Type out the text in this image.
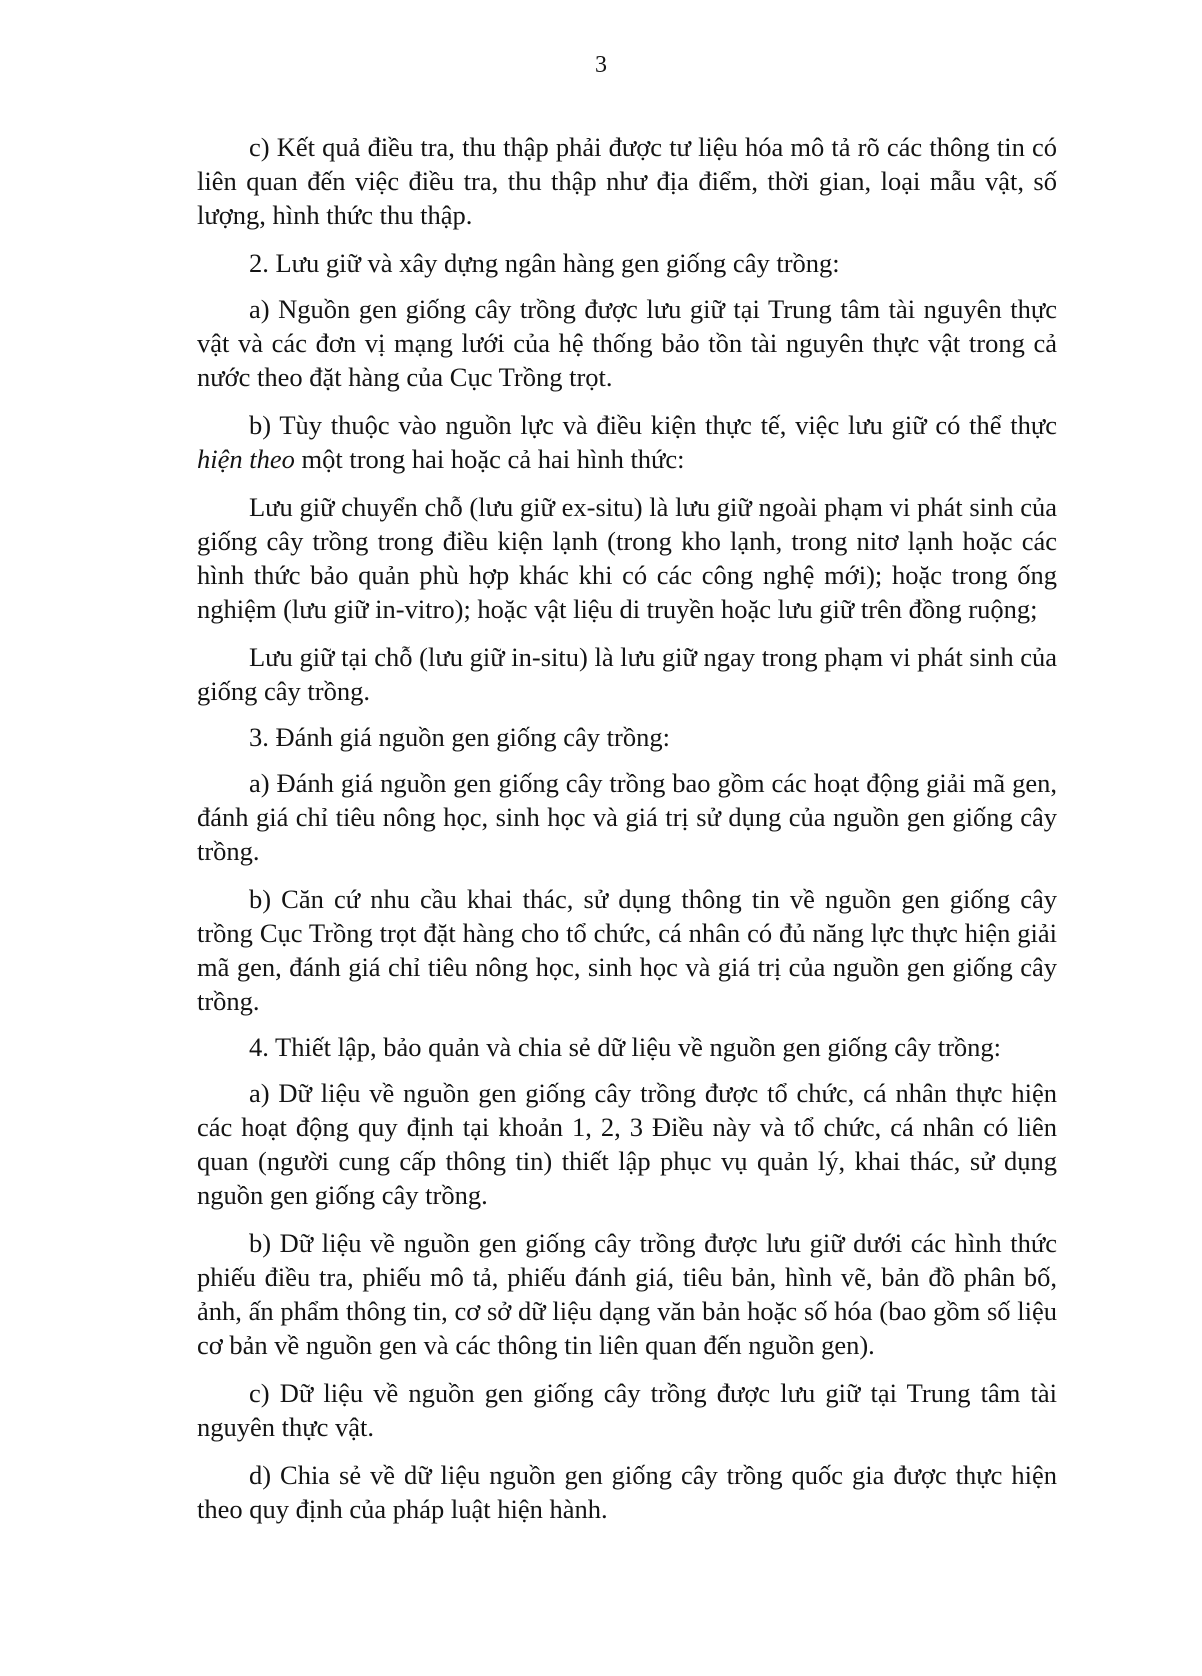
3

c) Kết quả điều tra, thu thập phải được tư liệu hóa mô tả rõ các thông tin có liên quan đến việc điều tra, thu thập như địa điểm, thời gian, loại mẫu vật, số lượng, hình thức thu thập.

2. Lưu giữ và xây dựng ngân hàng gen giống cây trồng:

a) Nguồn gen giống cây trồng được lưu giữ tại Trung tâm tài nguyên thực vật và các đơn vị mạng lưới của hệ thống bảo tồn tài nguyên thực vật trong cả nước theo đặt hàng của Cục Trồng trọt.

b) Tùy thuộc vào nguồn lực và điều kiện thực tế, việc lưu giữ có thể thực hiện theo một trong hai hoặc cả hai hình thức:

Lưu giữ chuyển chỗ (lưu giữ ex-situ) là lưu giữ ngoài phạm vi phát sinh của giống cây trồng trong điều kiện lạnh (trong kho lạnh, trong nitơ lạnh hoặc các hình thức bảo quản phù hợp khác khi có các công nghệ mới); hoặc trong ống nghiệm (lưu giữ in-vitro); hoặc vật liệu di truyền hoặc lưu giữ trên đồng ruộng;

Lưu giữ tại chỗ (lưu giữ in-situ) là lưu giữ ngay trong phạm vi phát sinh của giống cây trồng.

3. Đánh giá nguồn gen giống cây trồng:

a) Đánh giá nguồn gen giống cây trồng bao gồm các hoạt động giải mã gen, đánh giá chỉ tiêu nông học, sinh học và giá trị sử dụng của nguồn gen giống cây trồng.

b) Căn cứ nhu cầu khai thác, sử dụng thông tin về nguồn gen giống cây trồng Cục Trồng trọt đặt hàng cho tổ chức, cá nhân có đủ năng lực thực hiện giải mã gen, đánh giá chỉ tiêu nông học, sinh học và giá trị của nguồn gen giống cây trồng.

4. Thiết lập, bảo quản và chia sẻ dữ liệu về nguồn gen giống cây trồng:

a) Dữ liệu về nguồn gen giống cây trồng được tổ chức, cá nhân thực hiện các hoạt động quy định tại khoản 1, 2, 3 Điều này và tổ chức, cá nhân có liên quan (người cung cấp thông tin) thiết lập phục vụ quản lý, khai thác, sử dụng nguồn gen giống cây trồng.

b) Dữ liệu về nguồn gen giống cây trồng được lưu giữ dưới các hình thức phiếu điều tra, phiếu mô tả, phiếu đánh giá, tiêu bản, hình vẽ, bản đồ phân bố, ảnh, ấn phẩm thông tin, cơ sở dữ liệu dạng văn bản hoặc số hóa (bao gồm số liệu cơ bản về nguồn gen và các thông tin liên quan đến nguồn gen).

c) Dữ liệu về nguồn gen giống cây trồng được lưu giữ tại Trung tâm tài nguyên thực vật.

d) Chia sẻ về dữ liệu nguồn gen giống cây trồng quốc gia được thực hiện theo quy định của pháp luật hiện hành.
